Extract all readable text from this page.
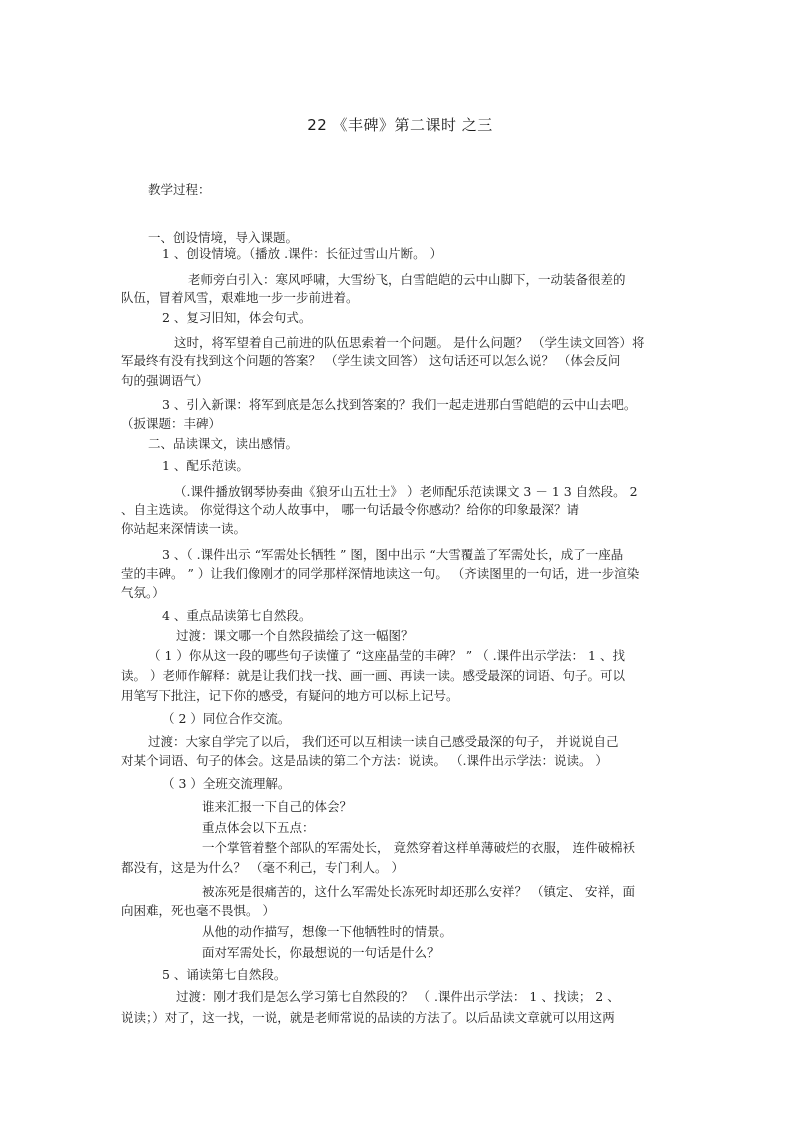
22 《丰碑》第二课时 之三
教学过程：
一、创设情境，导入课题。
1 、创设情境。（播放 .课件：长征过雪山片断。 ）
老师旁白引入：寒风呼啸，大雪纷飞，白雪皑皑的云中山脚下，一动装备很差的
队伍，冒着风雪，艰难地一步一步前进着。
2 、复习旧知，体会句式。
这时，将军望着自己前进的队伍思索着一个问题。 是什么问题？ （学生读文回答）将
军最终有没有找到这个问题的答案？ （学生读文回答） 这句话还可以怎么说？ （体会反问
句的强调语气）
3 、引入新课：将军到底是怎么找到答案的？我们一起走进那白雪皑皑的云中山去吧。
（扳课题：丰碑）
二、品读课文，读出感情。
1 、配乐范读。
（.课件播放钢琴协奏曲《狼牙山五壮士》 ）老师配乐范读课文 3 － 1 3 自然段。 2
、自主选读。 你觉得这个动人故事中， 哪一句话最令你感动？给你的印象最深？请
你站起来深情读一读。
3 、（ .课件出示 “军需处长牺牲 ” 图，图中出示 “大雪覆盖了军需处长，成了一座晶
莹的丰碑。 ” ）让我们像刚才的同学那样深情地读这一句。 （齐读图里的一句话，进一步渲染
气氛。）
4 、重点品读第七自然段。
过渡：课文哪一个自然段描绘了这一幅图？
（ 1 ）你从这一段的哪些句子读懂了 “这座晶莹的丰碑？ ” （ .课件出示学法： 1 、找
读。 ）老师作解释：就是让我们找一找、画一画、再读一读。感受最深的词语、句子。可以
用笔写下批注，记下你的感受，有疑问的地方可以标上记号。
（ 2 ）同位合作交流。
过渡：大家自学完了以后， 我们还可以互相读一读自己感受最深的句子， 并说说自己
对某个词语、句子的体会。这是品读的第二个方法：说读。 （.课件出示学法：说读。 ）
（ 3 ）全班交流理解。
谁来汇报一下自己的体会？
重点体会以下五点：
一个掌管着整个部队的军需处长， 竟然穿着这样单薄破烂的衣服， 连件破棉袄
都没有，这是为什么？ （毫不利己，专门利人。 ）
被冻死是很痛苦的，这什么军需处长冻死时却还那么安祥？ （镇定、 安祥，面
向困难，死也毫不畏惧。 ）
从他的动作描写，想像一下他牺牲时的情景。
面对军需处长，你最想说的一句话是什么？
5 、诵读第七自然段。
过渡：刚才我们是怎么学习第七自然段的？ （ .课件出示学法： 1 、找读； 2 、
说读；）对了，这一找，一说，就是老师常说的品读的方法了。以后品读文章就可以用这两
